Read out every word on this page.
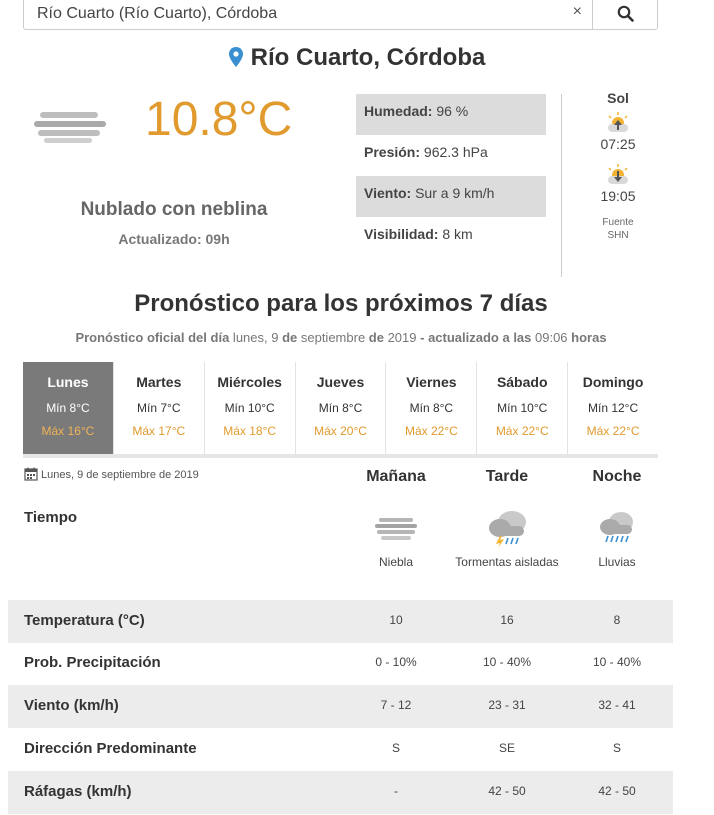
Río Cuarto (Río Cuarto), Córdoba	×
Río Cuarto, Córdoba
10.8°C
Nublado con neblina
Actualizado: 09h
Humedad: 96 %
Presión: 962.3 hPa
Viento: Sur a 9 km/h
Visibilidad: 8 km
Sol
07:25
19:05
Fuente
SHN
Pronóstico para los próximos 7 días
Pronóstico oficial del día lunes, 9 de septiembre de 2019 - actualizado a las 09:06 horas
Lunes
Mín 8°C
Máx 16°C
Martes
Mín 7°C
Máx 17°C
Miércoles
Mín 10°C
Máx 18°C
Jueves
Mín 8°C
Máx 20°C
Viernes
Mín 8°C
Máx 22°C
Sábado
Mín 10°C
Máx 22°C
Domingo
Mín 12°C
Máx 22°C
Lunes, 9 de septiembre de 2019	Mañana	Tarde	Noche
Tiempo
Niebla	Tormentas aisladas	Lluvias
Temperatura (°C)	10	16	8
Prob. Precipitación	0 - 10%	10 - 40%	10 - 40%
Viento (km/h)	7 - 12	23 - 31	32 - 41
Dirección Predominante	S	SE	S
Ráfagas (km/h)	-	42 - 50	42 - 50
